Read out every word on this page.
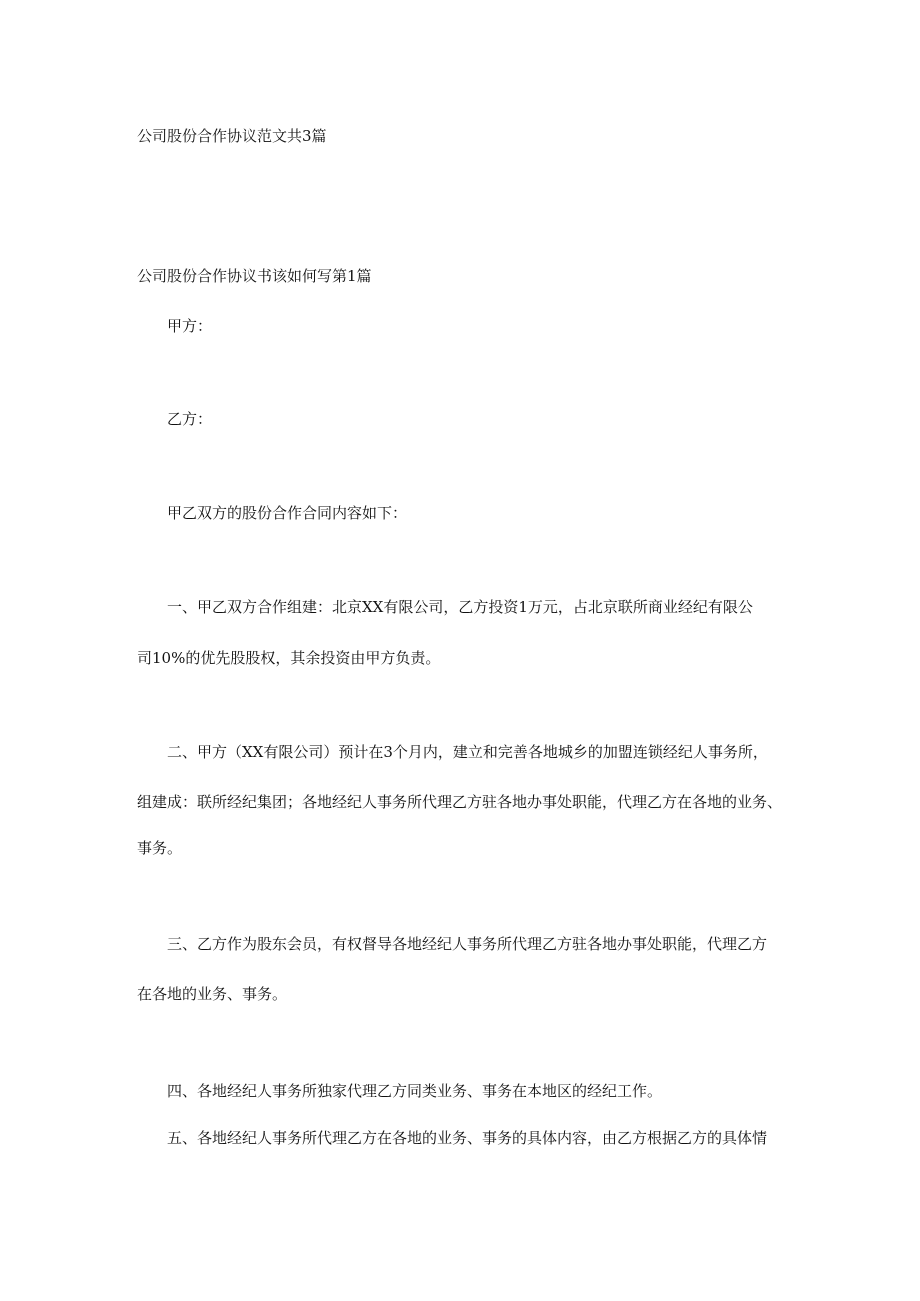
公司股份合作协议范文共3篇
公司股份合作协议书该如何写第1篇
甲方：
乙方：
甲乙双方的股份合作合同内容如下：
一、甲乙双方合作组建：北京XX有限公司，乙方投资1万元，占北京联所商业经纪有限公
司10%的优先股股权，其余投资由甲方负责。
二、甲方（XX有限公司）预计在3个月内，建立和完善各地城乡的加盟连锁经纪人事务所，
组建成：联所经纪集团；各地经纪人事务所代理乙方驻各地办事处职能，代理乙方在各地的业务、
事务。
三、乙方作为股东会员，有权督导各地经纪人事务所代理乙方驻各地办事处职能，代理乙方
在各地的业务、事务。
四、各地经纪人事务所独家代理乙方同类业务、事务在本地区的经纪工作。
五、各地经纪人事务所代理乙方在各地的业务、事务的具体内容，由乙方根据乙方的具体情
